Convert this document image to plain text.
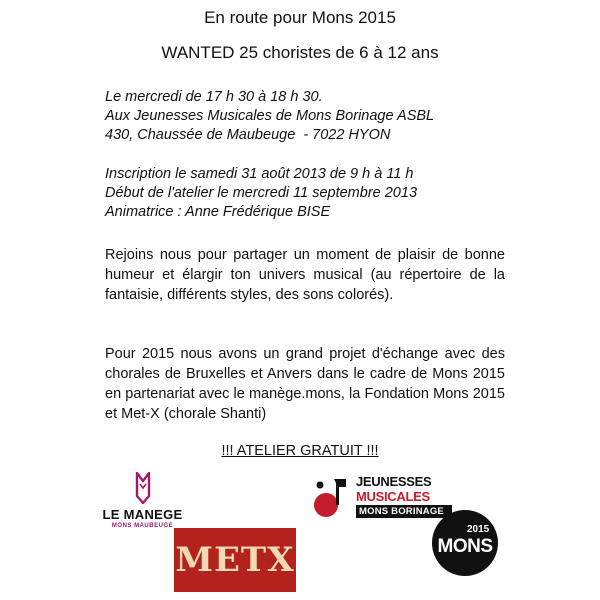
En route pour Mons 2015
WANTED 25 choristes de 6 à 12 ans
Le mercredi de 17 h 30 à 18 h 30.
Aux Jeunesses Musicales de Mons Borinage ASBL
430, Chaussée de Maubeuge  - 7022 HYON
Inscription le samedi 31 août 2013 de 9 h à 11 h
Début de l'atelier le mercredi 11 septembre 2013
Animatrice : Anne Frédérique BISE
Rejoins nous pour partager un moment de plaisir de bonne humeur et élargir ton univers musical (au répertoire de la fantaisie, différents styles, des sons colorés).
Pour 2015 nous avons un grand projet d'échange avec des chorales de Bruxelles et Anvers dans le cadre de Mons 2015 en partenariat avec le manège.mons, la Fondation Mons 2015 et Met-X (chorale Shanti)
!!! ATELIER GRATUIT !!!
LE MANEGE
MONS MAUBEUGE
METX
JEUNESSES
MUSICALES
MONS BORINAGE
2015
MONS
